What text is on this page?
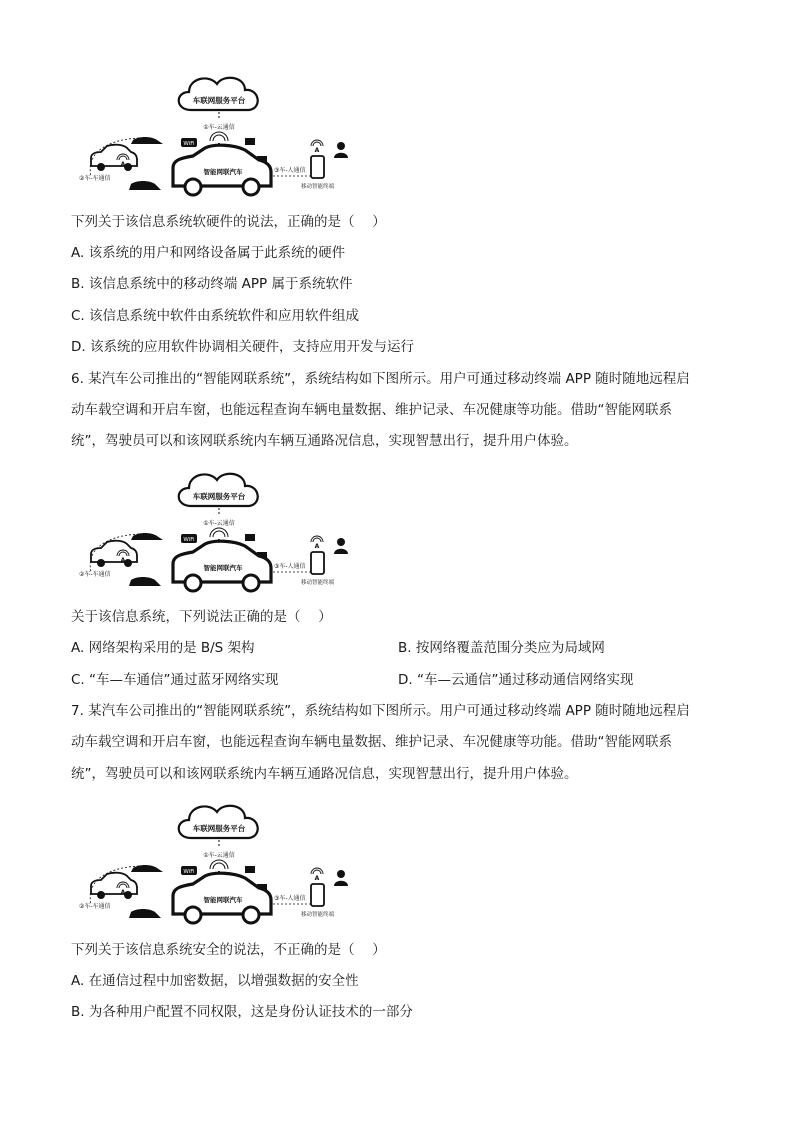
车联网服务平台
①车-云通信
WiFi
智能网联汽车
A
②车-车通信
③车-人通信
A
移动智能终端
下列关于该信息系统软硬件的说法，正确的是（　 ）
A. 该系统的用户和网络设备属于此系统的硬件
B. 该信息系统中的移动终端 APP 属于系统软件
C. 该信息系统中软件由系统软件和应用软件组成
D. 该系统的应用软件协调相关硬件，支持应用开发与运行
6. 某汽车公司推出的“智能网联系统”，系统结构如下图所示。用户可通过移动终端 APP 随时随地远程启
动车载空调和开启车窗，也能远程查询车辆电量数据、维护记录、车况健康等功能。借助“智能网联系
统”，驾驶员可以和该网联系统内车辆互通路况信息，实现智慧出行，提升用户体验。
车联网服务平台
①车-云通信
WiFi
智能网联汽车
A
②车-车通信
③车-人通信
A
移动智能终端
关于该信息系统，下列说法正确的是（　 ）
A. 网络架构采用的是 B/S 架构	B. 按网络覆盖范围分类应为局域网
C. “车—车通信”通过蓝牙网络实现	D. “车—云通信”通过移动通信网络实现
7. 某汽车公司推出的“智能网联系统”，系统结构如下图所示。用户可通过移动终端 APP 随时随地远程启
动车载空调和开启车窗，也能远程查询车辆电量数据、维护记录、车况健康等功能。借助“智能网联系
统”，驾驶员可以和该网联系统内车辆互通路况信息，实现智慧出行，提升用户体验。
车联网服务平台
①车-云通信
WiFi
智能网联汽车
A
②车-车通信
③车-人通信
A
移动智能终端
下列关于该信息系统安全的说法，不正确的是（　 ）
A. 在通信过程中加密数据，以增强数据的安全性
B. 为各种用户配置不同权限，这是身份认证技术的一部分
